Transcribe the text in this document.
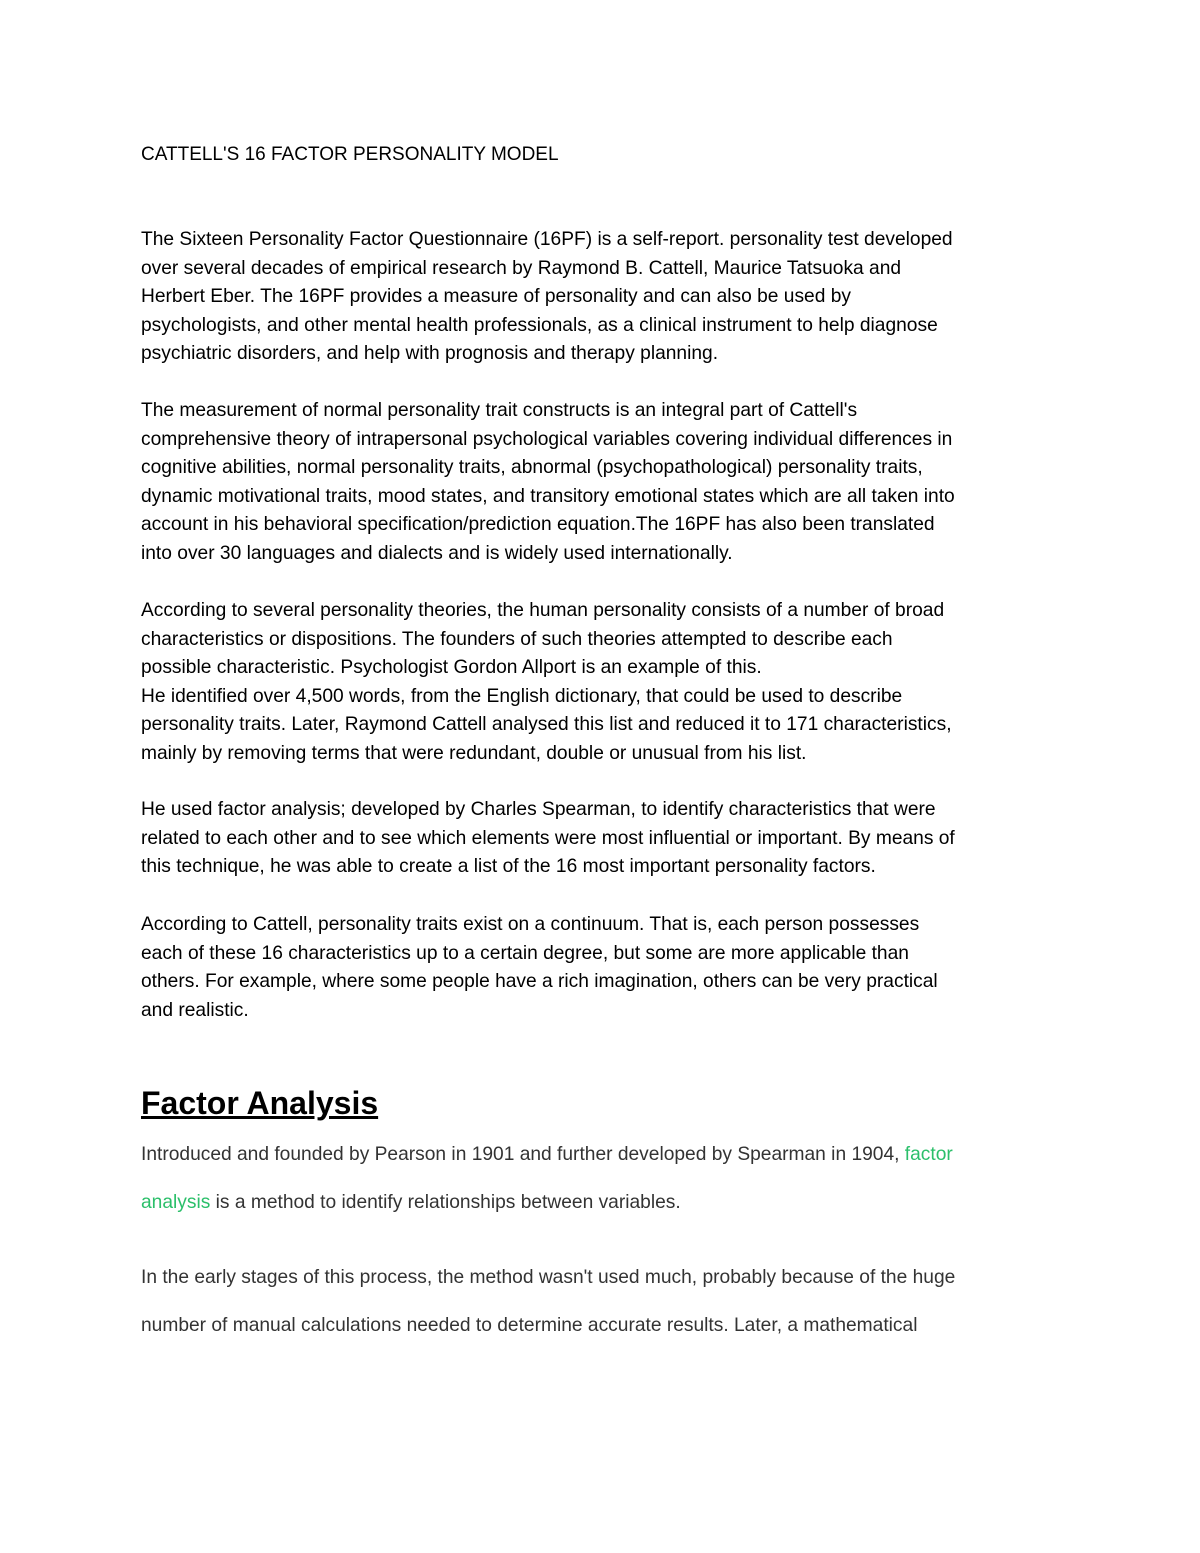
CATTELL'S 16 FACTOR PERSONALITY MODEL

The Sixteen Personality Factor Questionnaire (16PF) is a self-report. personality test developed
over several decades of empirical research by Raymond B. Cattell, Maurice Tatsuoka and
Herbert Eber. The 16PF provides a measure of personality and can also be used by
psychologists, and other mental health professionals, as a clinical instrument to help diagnose
psychiatric disorders, and help with prognosis and therapy planning.

The measurement of normal personality trait constructs is an integral part of Cattell's
comprehensive theory of intrapersonal psychological variables covering individual differences in
cognitive abilities, normal personality traits, abnormal (psychopathological) personality traits,
dynamic motivational traits, mood states, and transitory emotional states which are all taken into
account in his behavioral specification/prediction equation.The 16PF has also been translated
into over 30 languages and dialects and is widely used internationally.

According to several personality theories, the human personality consists of a number of broad
characteristics or dispositions. The founders of such theories attempted to describe each
possible characteristic. Psychologist Gordon Allport is an example of this.
He identified over 4,500 words, from the English dictionary, that could be used to describe
personality traits. Later, Raymond Cattell analysed this list and reduced it to 171 characteristics,
mainly by removing terms that were redundant, double or unusual from his list.

He used factor analysis; developed by Charles Spearman, to identify characteristics that were
related to each other and to see which elements were most influential or important. By means of
this technique, he was able to create a list of the 16 most important personality factors.

According to Cattell, personality traits exist on a continuum. That is, each person possesses
each of these 16 characteristics up to a certain degree, but some are more applicable than
others. For example, where some people have a rich imagination, others can be very practical
and realistic.

Factor Analysis

Introduced and founded by Pearson in 1901 and further developed by Spearman in 1904, factor
analysis is a method to identify relationships between variables.

In the early stages of this process, the method wasn't used much, probably because of the huge
number of manual calculations needed to determine accurate results. Later, a mathematical
